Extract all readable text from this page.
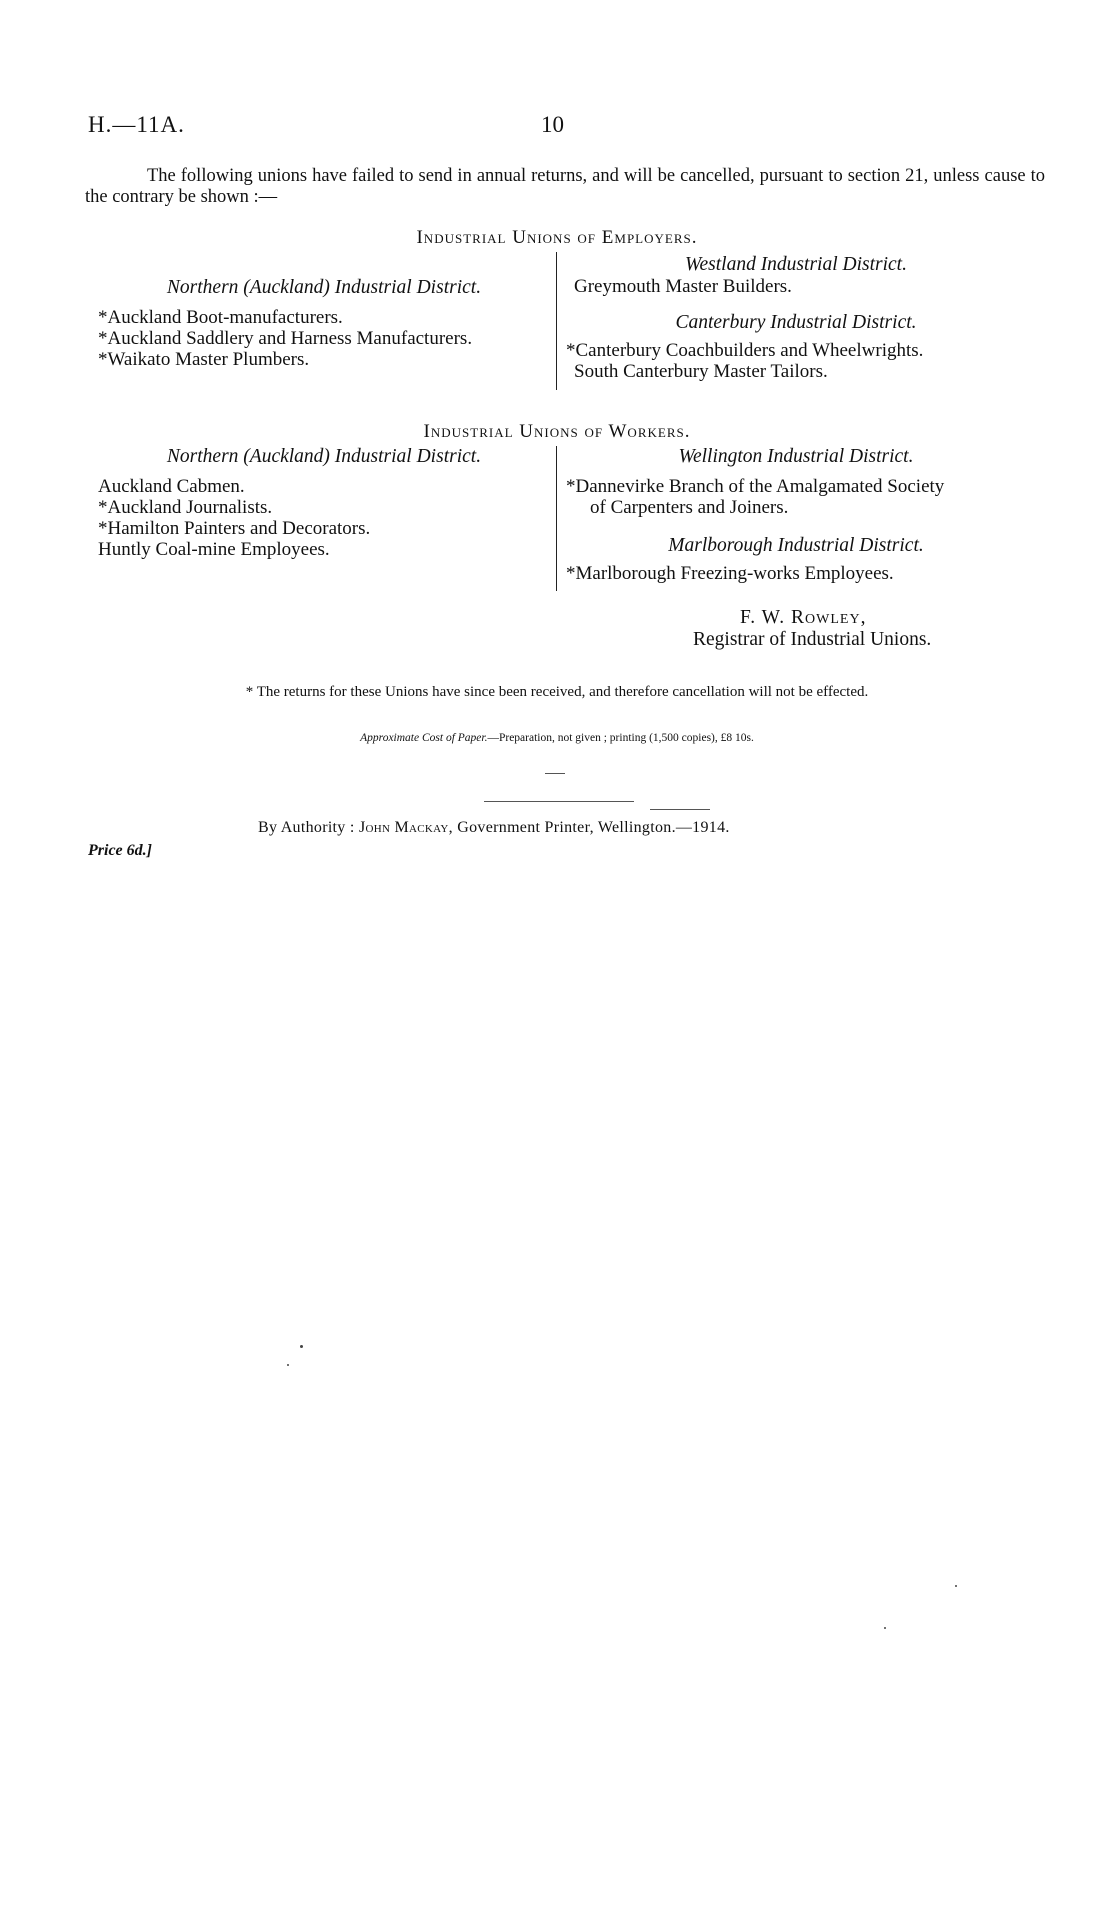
H.—11A.	10
The following unions have failed to send in annual returns, and will be cancelled, pursuant to section 21, unless cause to the contrary be shown :—
Industrial Unions of Employers.
Northern (Auckland) Industrial District.
*Auckland Boot-manufacturers.
*Auckland Saddlery and Harness Manufacturers.
*Waikato Master Plumbers.
Westland Industrial District.
Greymouth Master Builders.
Canterbury Industrial District.
*Canterbury Coachbuilders and Wheelwrights.
South Canterbury Master Tailors.
Industrial Unions of Workers.
Northern (Auckland) Industrial District.
Auckland Cabmen.
*Auckland Journalists.
*Hamilton Painters and Decorators.
Huntly Coal-mine Employees.
Wellington Industrial District.
*Dannevirke Branch of the Amalgamated Society
of Carpenters and Joiners.
Marlborough Industrial District.
*Marlborough Freezing-works Employees.
F. W. Rowley,
Registrar of Industrial Unions.
* The returns for these Unions have since been received, and therefore cancellation will not be effected.
Approximate Cost of Paper.—Preparation, not given ; printing (1,500 copies), £8 10s.
By Authority : John Mackay, Government Printer, Wellington.—1914.
Price 6d.]
